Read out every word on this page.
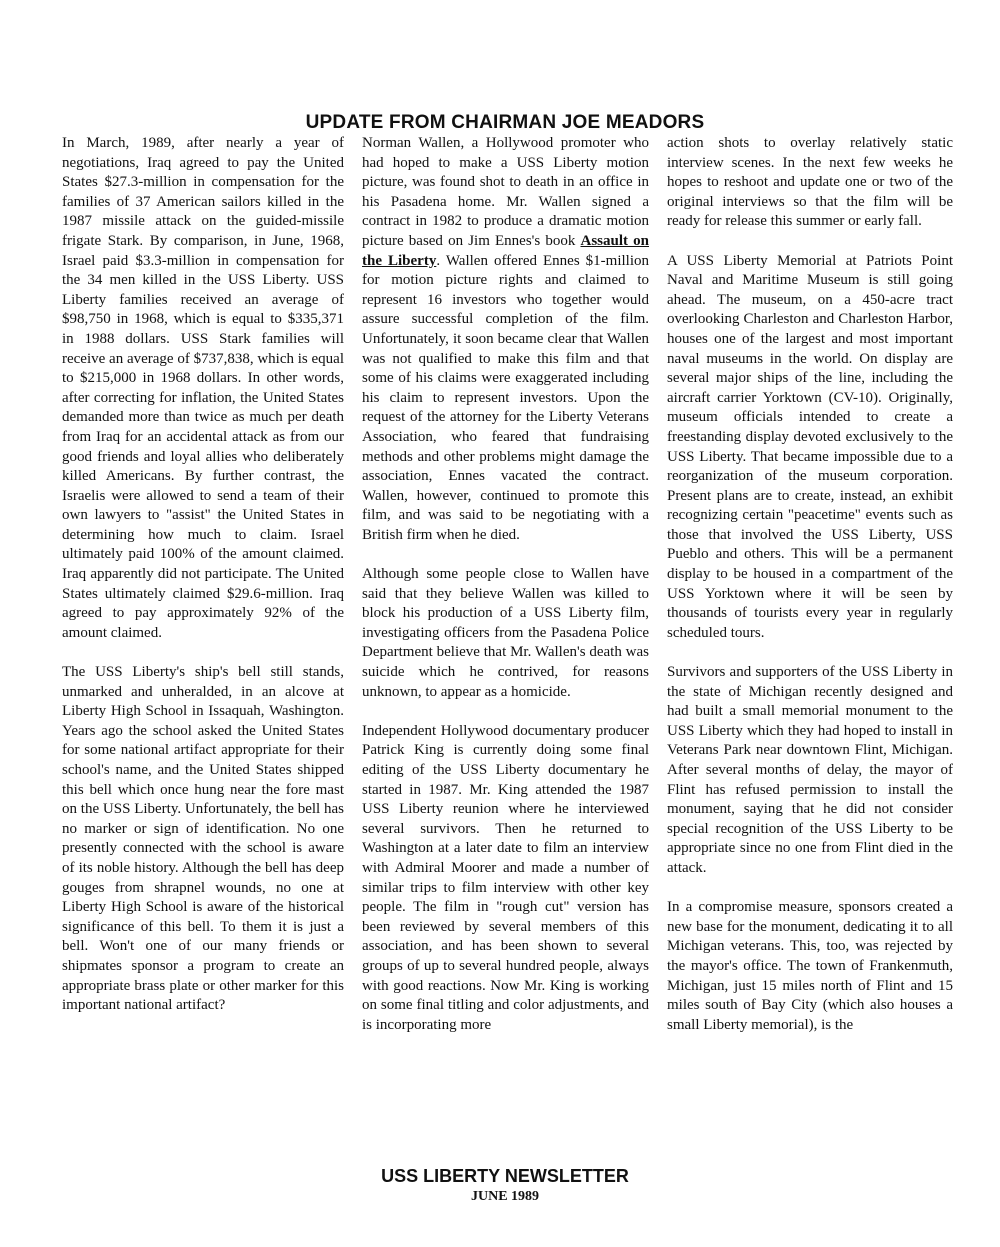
UPDATE FROM CHAIRMAN JOE MEADORS

In March, 1989, after nearly a year of negotiations, Iraq agreed to pay the United States $27.3-million in compensation for the families of 37 American sailors killed in the 1987 missile attack on the guided-missile frigate Stark. By comparison, in June, 1968, Israel paid $3.3-million in compensation for the 34 men killed in the USS Liberty. USS Liberty families received an average of $98,750 in 1968, which is equal to $335,371 in 1988 dollars. USS Stark families will receive an average of $737,838, which is equal to $215,000 in 1968 dollars. In other words, after correcting for inflation, the United States demanded more than twice as much per death from Iraq for an accidental attack as from our good friends and loyal allies who deliberately killed Americans. By further contrast, the Israelis were allowed to send a team of their own lawyers to "assist" the United States in determining how much to claim. Israel ultimately paid 100% of the amount claimed. Iraq apparently did not participate. The United States ultimately claimed $29.6-million. Iraq agreed to pay approximately 92% of the amount claimed.

The USS Liberty's ship's bell still stands, unmarked and unheralded, in an alcove at Liberty High School in Issaquah, Washington. Years ago the school asked the United States for some national artifact appropriate for their school's name, and the United States shipped this bell which once hung near the fore mast on the USS Liberty. Unfortunately, the bell has no marker or sign of identification. No one presently connected with the school is aware of its noble history. Although the bell has deep gouges from shrapnel wounds, no one at Liberty High School is aware of the historical significance of this bell. To them it is just a bell. Won't one of our many friends or shipmates sponsor a program to create an appropriate brass plate or other marker for this important national artifact?

Norman Wallen, a Hollywood promoter who had hoped to make a USS Liberty motion picture, was found shot to death in an office in his Pasadena home. Mr. Wallen signed a contract in 1982 to produce a dramatic motion picture based on Jim Ennes's book Assault on the Liberty. Wallen offered Ennes $1-million for motion picture rights and claimed to represent 16 investors who together would assure successful completion of the film. Unfortunately, it soon became clear that Wallen was not qualified to make this film and that some of his claims were exaggerated including his claim to represent investors. Upon the request of the attorney for the Liberty Veterans Association, who feared that fundraising methods and other problems might damage the association, Ennes vacated the contract. Wallen, however, continued to promote this film, and was said to be negotiating with a British firm when he died.

Although some people close to Wallen have said that they believe Wallen was killed to block his production of a USS Liberty film, investigating officers from the Pasadena Police Department believe that Mr. Wallen's death was suicide which he contrived, for reasons unknown, to appear as a homicide.

Independent Hollywood documentary producer Patrick King is currently doing some final editing of the USS Liberty documentary he started in 1987. Mr. King attended the 1987 USS Liberty reunion where he interviewed several survivors. Then he returned to Washington at a later date to film an interview with Admiral Moorer and made a number of similar trips to film interview with other key people. The film in "rough cut" version has been reviewed by several members of this association, and has been shown to several groups of up to several hundred people, always with good reactions. Now Mr. King is working on some final titling and color adjustments, and is incorporating more

action shots to overlay relatively static interview scenes. In the next few weeks he hopes to reshoot and update one or two of the original interviews so that the film will be ready for release this summer or early fall.

A USS Liberty Memorial at Patriots Point Naval and Maritime Museum is still going ahead. The museum, on a 450-acre tract overlooking Charleston and Charleston Harbor, houses one of the largest and most important naval museums in the world. On display are several major ships of the line, including the aircraft carrier Yorktown (CV-10). Originally, museum officials intended to create a freestanding display devoted exclusively to the USS Liberty. That became impossible due to a reorganization of the museum corporation. Present plans are to create, instead, an exhibit recognizing certain "peacetime" events such as those that involved the USS Liberty, USS Pueblo and others. This will be a permanent display to be housed in a compartment of the USS Yorktown where it will be seen by thousands of tourists every year in regularly scheduled tours.

Survivors and supporters of the USS Liberty in the state of Michigan recently designed and had built a small memorial monument to the USS Liberty which they had hoped to install in Veterans Park near downtown Flint, Michigan. After several months of delay, the mayor of Flint has refused permission to install the monument, saying that he did not consider special recognition of the USS Liberty to be appropriate since no one from Flint died in the attack.

In a compromise measure, sponsors created a new base for the monument, dedicating it to all Michigan veterans. This, too, was rejected by the mayor's office. The town of Frankenmuth, Michigan, just 15 miles north of Flint and 15 miles south of Bay City (which also houses a small Liberty memorial), is the

USS LIBERTY NEWSLETTER

JUNE 1989
